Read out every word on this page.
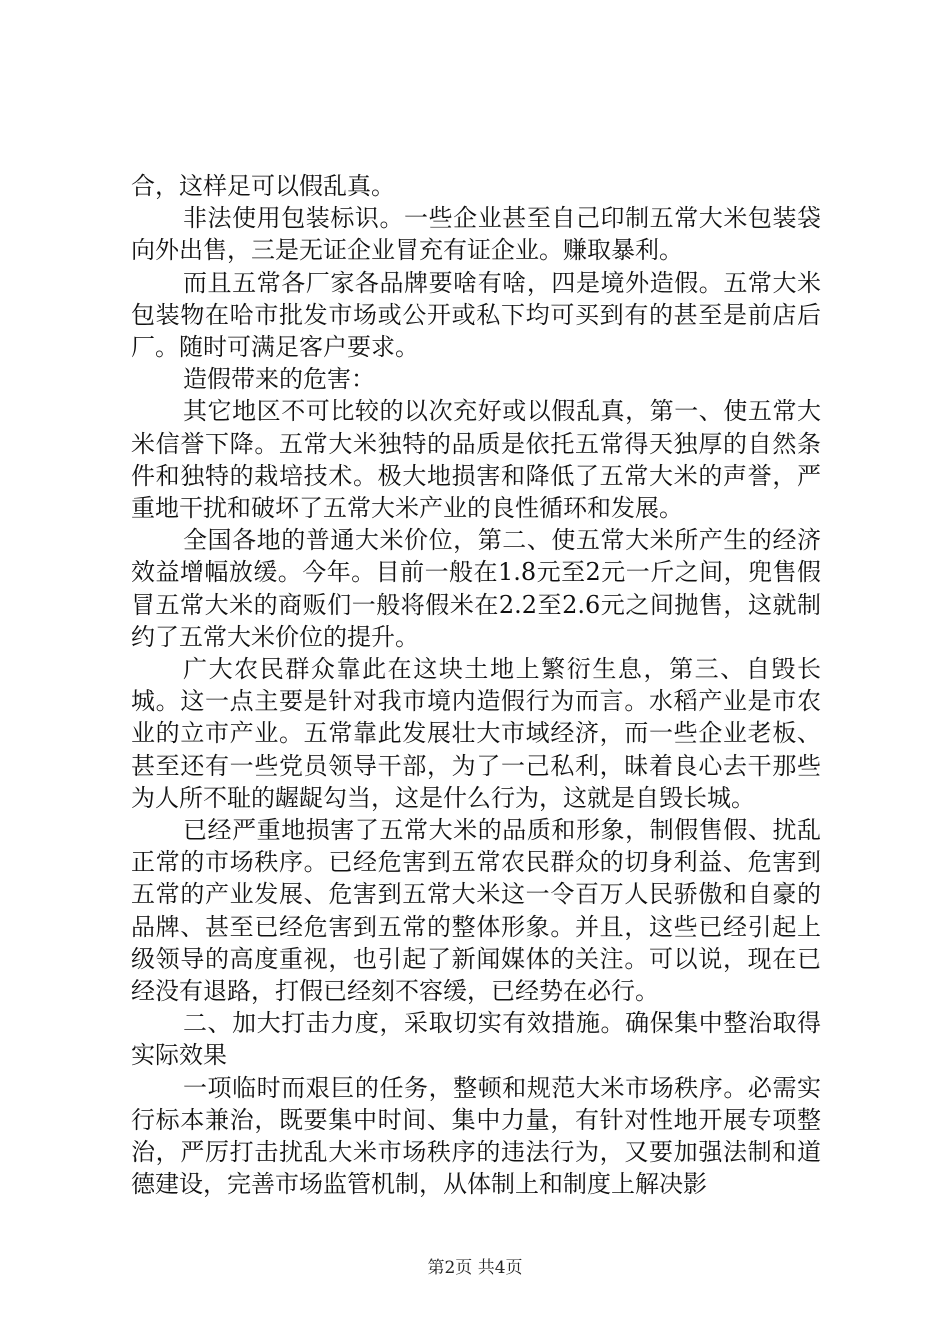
合，这样足可以假乱真。

非法使用包装标识。一些企业甚至自己印制五常大米包装袋向外出售，三是无证企业冒充有证企业。赚取暴利。

而且五常各厂家各品牌要啥有啥，四是境外造假。五常大米包装物在哈市批发市场或公开或私下均可买到有的甚至是前店后厂。随时可满足客户要求。

造假带来的危害：

其它地区不可比较的以次充好或以假乱真，第一、使五常大米信誉下降。五常大米独特的品质是依托五常得天独厚的自然条件和独特的栽培技术。极大地损害和降低了五常大米的声誉，严重地干扰和破坏了五常大米产业的良性循环和发展。

全国各地的普通大米价位，第二、使五常大米所产生的经济效益增幅放缓。今年。目前一般在1.8元至2元一斤之间，兜售假冒五常大米的商贩们一般将假米在2.2至2.6元之间抛售，这就制约了五常大米价位的提升。

广大农民群众靠此在这块土地上繁衍生息，第三、自毁长城。这一点主要是针对我市境内造假行为而言。水稻产业是市农业的立市产业。五常靠此发展壮大市域经济，而一些企业老板、甚至还有一些党员领导干部，为了一己私利，昧着良心去干那些为人所不耻的龌龊勾当，这是什么行为，这就是自毁长城。

已经严重地损害了五常大米的品质和形象，制假售假、扰乱正常的市场秩序。已经危害到五常农民群众的切身利益、危害到五常的产业发展、危害到五常大米这一令百万人民骄傲和自豪的品牌、甚至已经危害到五常的整体形象。并且，这些已经引起上级领导的高度重视，也引起了新闻媒体的关注。可以说，现在已经没有退路，打假已经刻不容缓，已经势在必行。

二、加大打击力度，采取切实有效措施。确保集中整治取得实际效果

一项临时而艰巨的任务，整顿和规范大米市场秩序。必需实行标本兼治，既要集中时间、集中力量，有针对性地开展专项整治，严厉打击扰乱大米市场秩序的违法行为，又要加强法制和道德建设，完善市场监管机制，从体制上和制度上解决影

第2页 共4页
